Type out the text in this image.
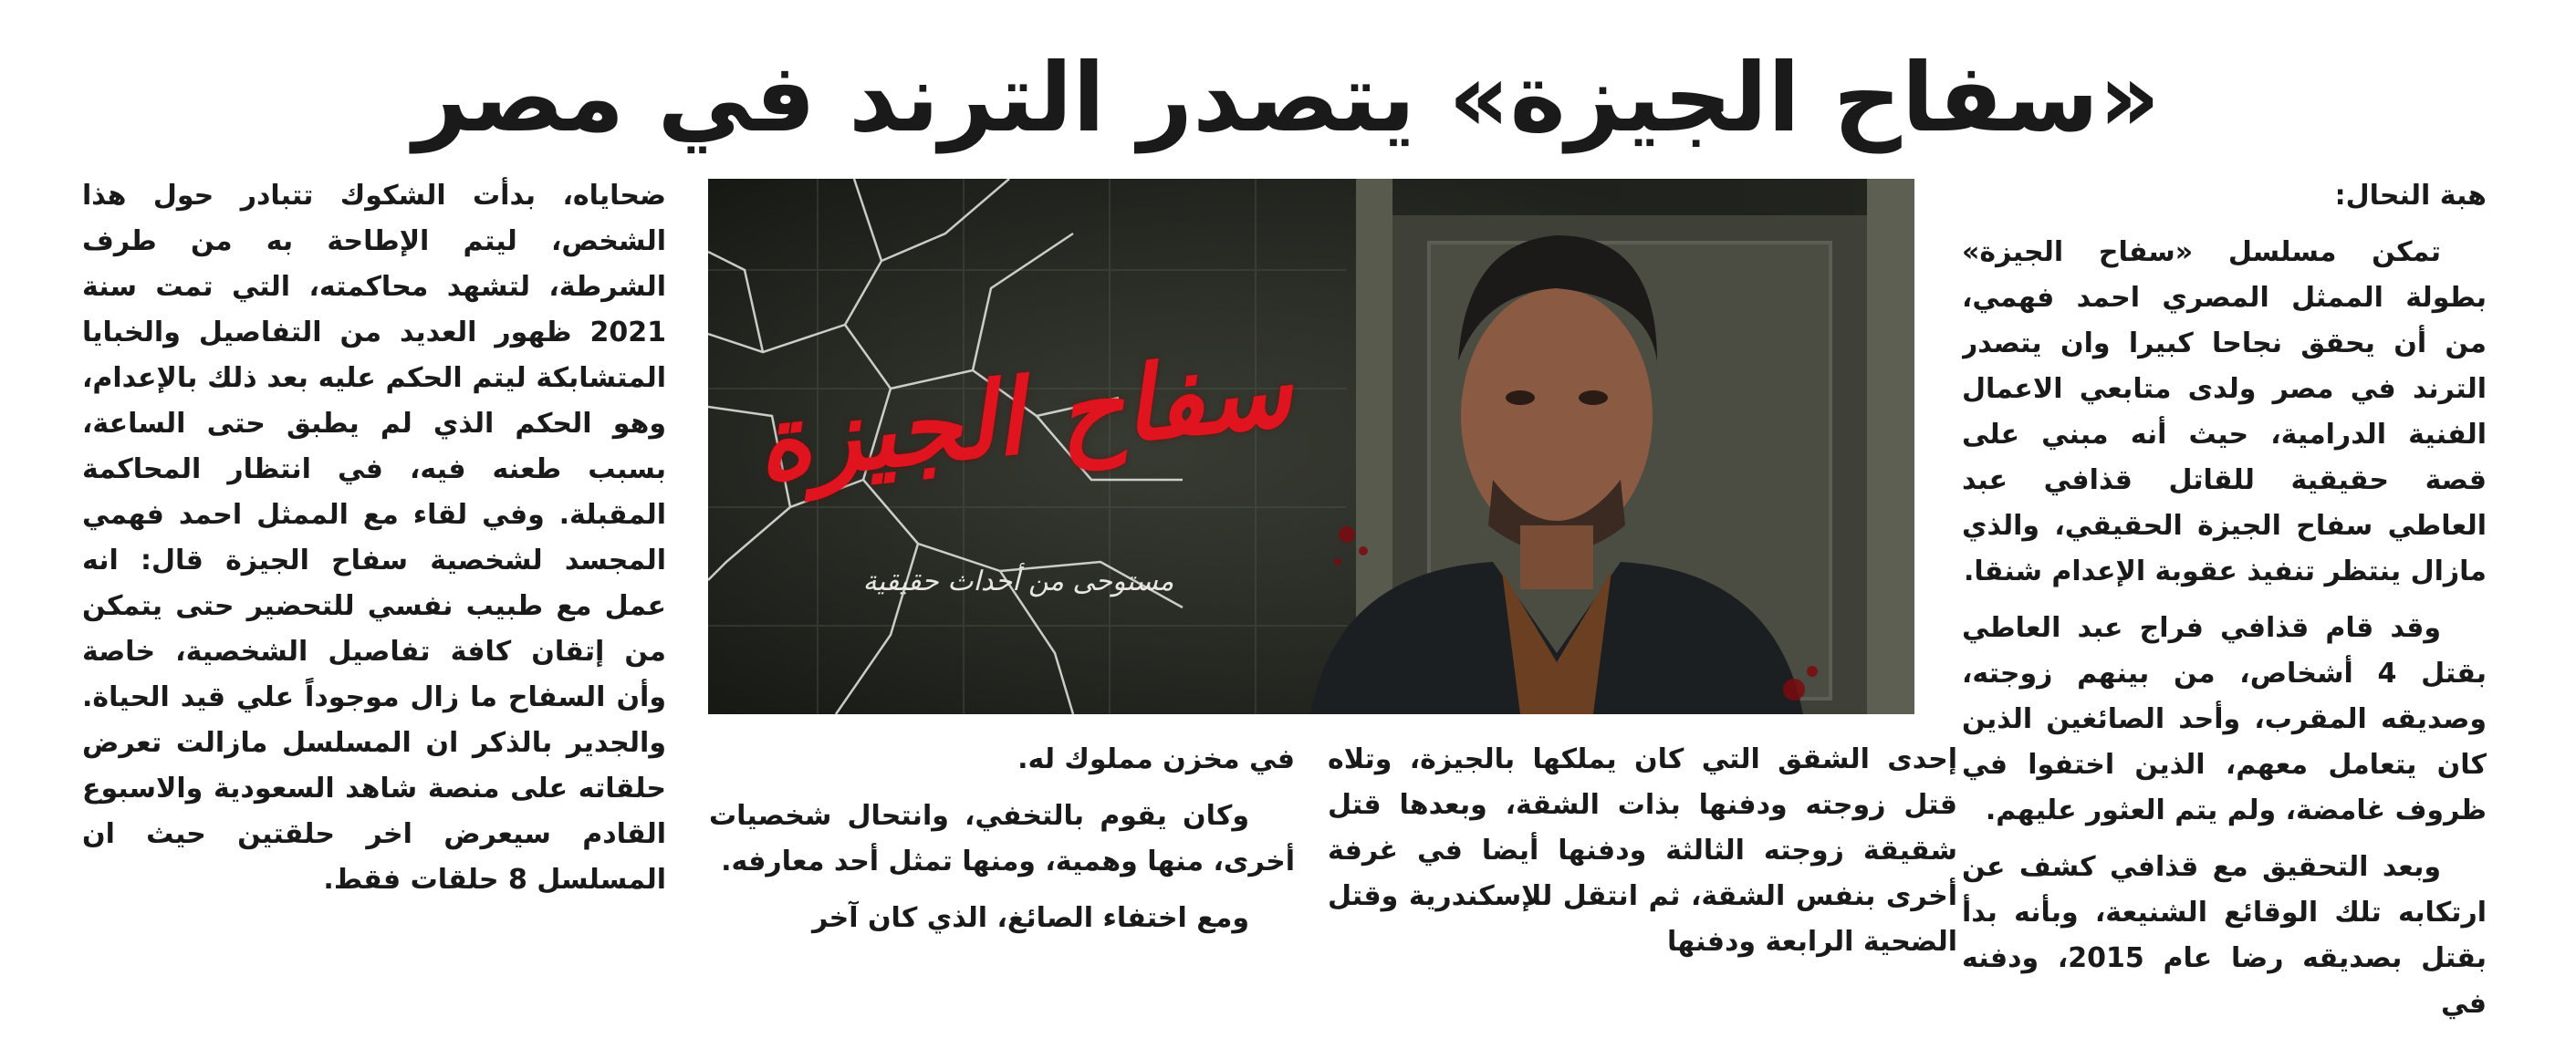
«سفاح الجيزة» يتصدر الترند في مصر

هبة النحال:

تمكن مسلسل «سفاح الجيزة» بطولة الممثل المصري احمد فهمي، من أن يحقق نجاحا كبيرا وان يتصدر الترند في مصر ولدى متابعي الاعمال الفنية الدرامية، حيث أنه مبني على قصة حقيقية للقاتل قذافي عبد العاطي سفاح الجيزة الحقيقي، والذي مازال ينتظر تنفيذ عقوبة الإعدام شنقا.

وقد قام قذافي فراج عبد العاطي بقتل 4 أشخاص، من بينهم زوجته، وصديقه المقرب، وأحد الصائغين الذين كان يتعامل معهم، الذين اختفوا في ظروف غامضة، ولم يتم العثور عليهم.

وبعد التحقيق مع قذافي كشف عن ارتكابه تلك الوقائع الشنيعة، وبأنه بدأ بقتل بصديقه رضا عام 2015، ودفنه في

سفاح الجيزة
مستوحى من أحداث حقيقية

إحدى الشقق التي كان يملكها بالجيزة، وتلاه قتل زوجته ودفنها بذات الشقة، وبعدها قتل شقيقة زوجته الثالثة ودفنها أيضا في غرفة أخرى بنفس الشقة، ثم انتقل للإسكندرية وقتل الضحية الرابعة ودفنها

في مخزن مملوك له.

وكان يقوم بالتخفي، وانتحال شخصيات أخرى، منها وهمية، ومنها تمثل أحد معارفه.

ومع اختفاء الصائغ، الذي كان آخر

ضحاياه، بدأت الشكوك تتبادر حول هذا الشخص، ليتم الإطاحة به من طرف الشرطة، لتشهد محاكمته، التي تمت سنة 2021 ظهور العديد من التفاصيل والخبايا المتشابكة ليتم الحكم عليه بعد ذلك بالإعدام، وهو الحكم الذي لم يطبق حتى الساعة، بسبب طعنه فيه، في انتظار المحاكمة المقبلة. وفي لقاء مع الممثل احمد فهمي المجسد لشخصية سفاح الجيزة قال: انه عمل مع طبيب نفسي للتحضير حتى يتمكن من إتقان كافة تفاصيل الشخصية، خاصة وأن السفاح ما زال موجوداً علي قيد الحياة. والجدير بالذكر ان المسلسل مازالت تعرض حلقاته على منصة شاهد السعودية والاسبوع القادم سيعرض اخر حلقتين حيث ان المسلسل 8 حلقات فقط.
